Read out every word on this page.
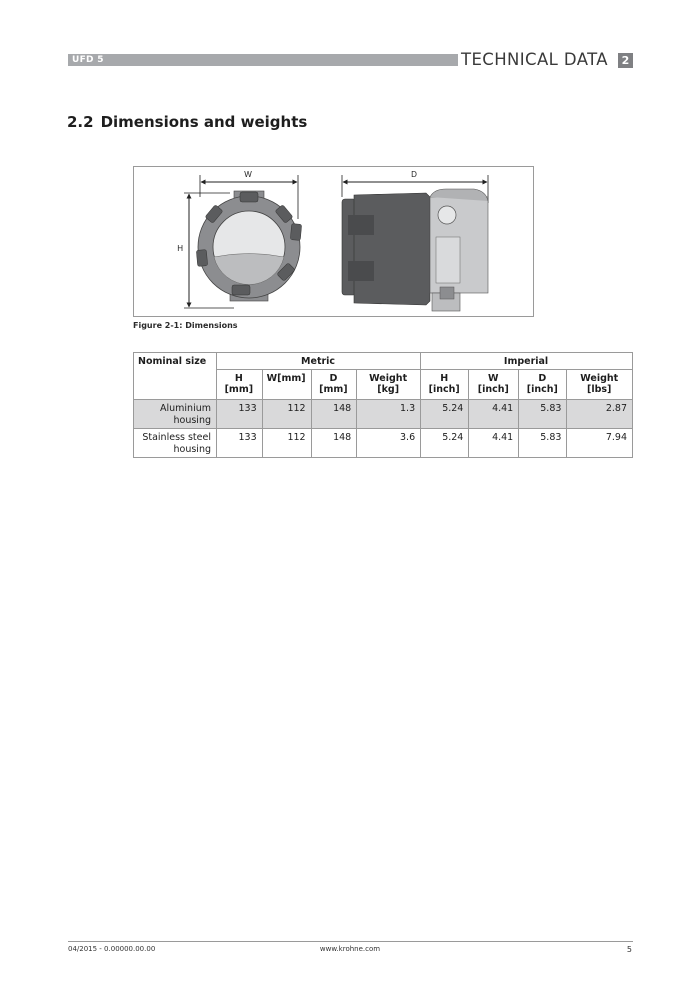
UFD 5	TECHNICAL DATA	2
2.2 Dimensions and weights
W
H
D
Figure 2-1: Dimensions
Nominal size	Metric				Imperial			
	H [mm]	W[mm]	D [mm]	Weight [kg]	H [inch]	W [inch]	D [inch]	Weight [lbs]
Aluminium housing	133	112	148	1.3	5.24	4.41	5.83	2.87
Stainless steel housing	133	112	148	3.6	5.24	4.41	5.83	7.94
04/2015 - 0.00000.00.00	www.krohne.com	5
